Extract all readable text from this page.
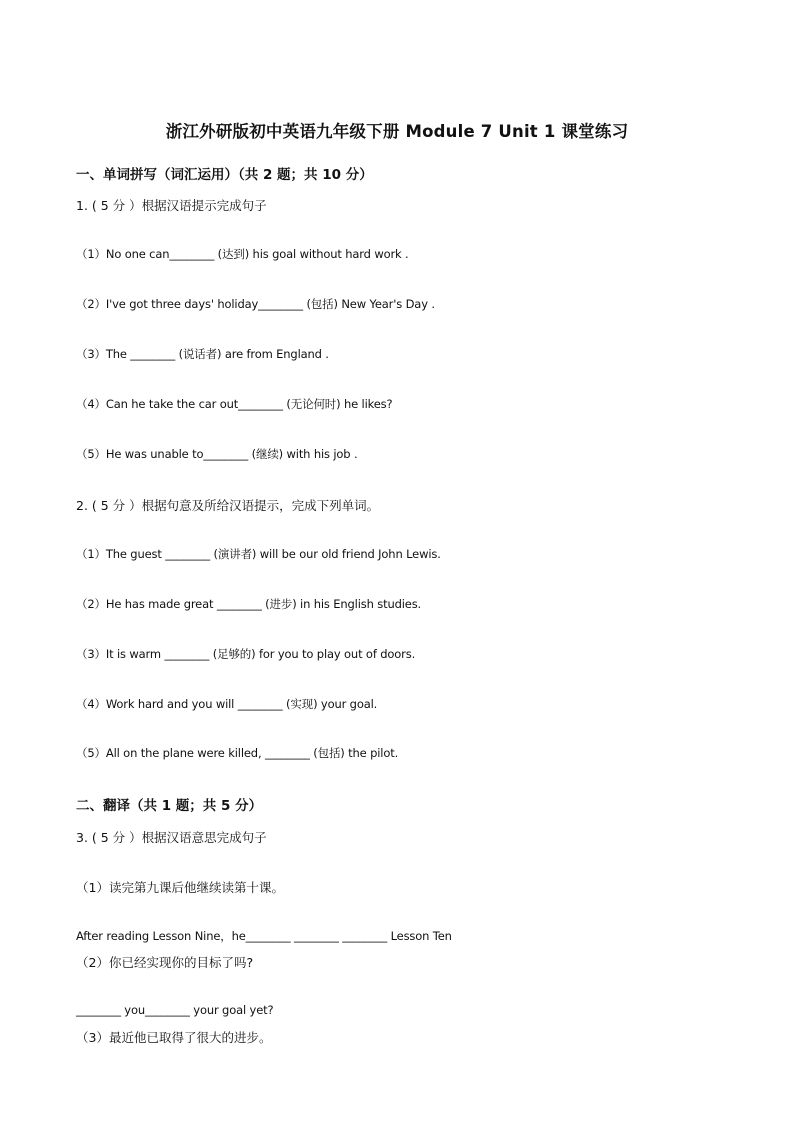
浙江外研版初中英语九年级下册 Module 7 Unit 1 课堂练习
一、单词拼写（词汇运用）（共 2 题；共 10 分）
1. ( 5 分 ）根据汉语提示完成句子
（1）No one can________ (达到) his goal without hard work .
（2）I've got three days' holiday________ (包括) New Year's Day .
（3）The ________ (说话者) are from England .
（4）Can he take the car out________ (无论何时) he likes?
（5）He was unable to________ (继续) with his job .
2. ( 5 分 ）根据句意及所给汉语提示，完成下列单词。
（1）The guest ________ (演讲者) will be our old friend John Lewis.
（2）He has made great ________ (进步) in his English studies.
（3）It is warm ________ (足够的) for you to play out of doors.
（4）Work hard and you will ________ (实现) your goal.
（5）All on the plane were killed, ________ (包括) the pilot.
二、翻译（共 1 题；共 5 分）
3. ( 5 分 ）根据汉语意思完成句子
（1）读完第九课后他继续读第十课。
After reading Lesson Nine，he________ ________ ________ Lesson Ten
（2）你已经实现你的目标了吗?
________ you________ your goal yet?
（3）最近他已取得了很大的进步。
